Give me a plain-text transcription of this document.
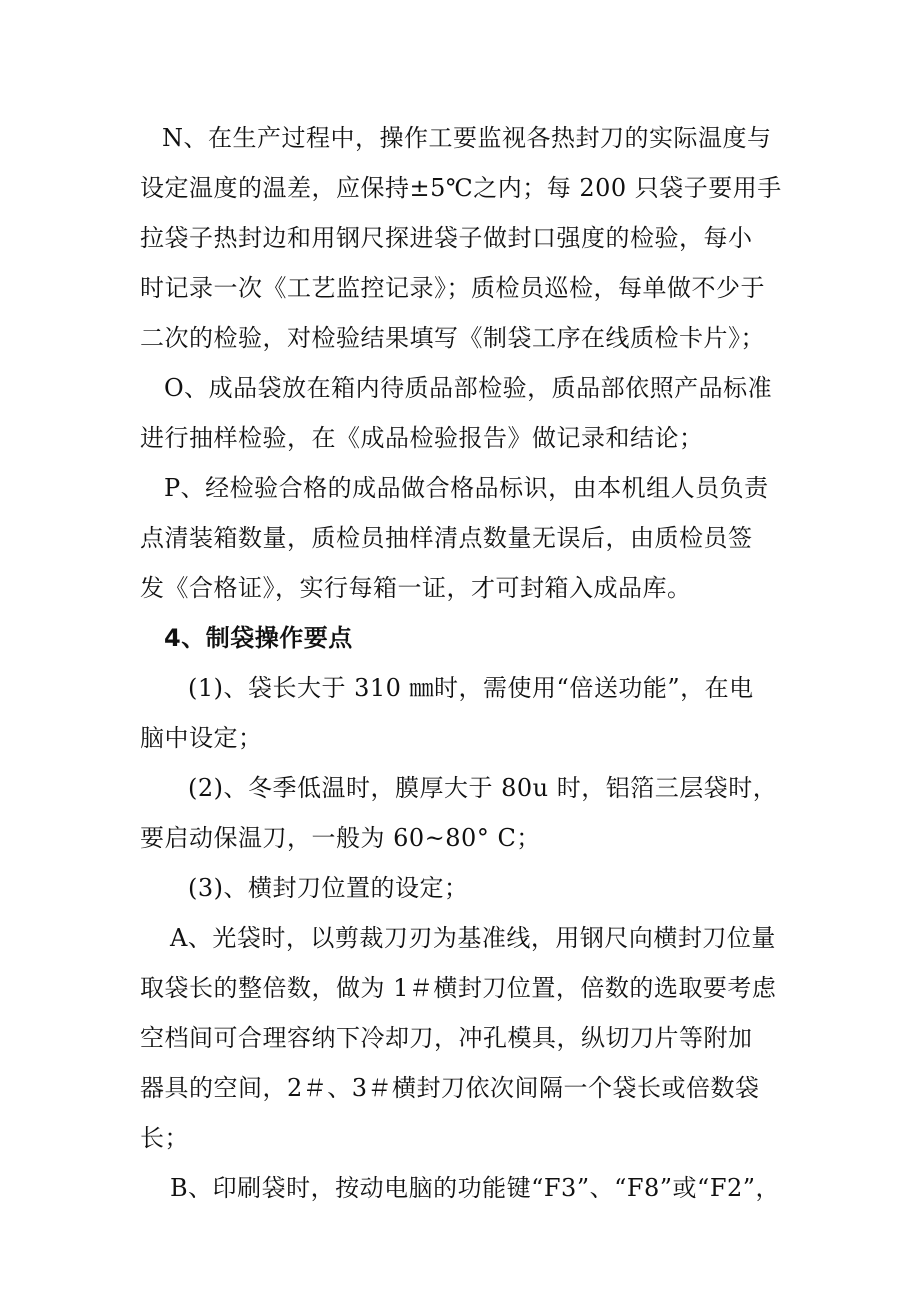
N、在生产过程中，操作工要监视各热封刀的实际温度与
设定温度的温差，应保持±5℃之内；每 200 只袋子要用手
拉袋子热封边和用钢尺探进袋子做封口强度的检验，每小
时记录一次《工艺监控记录》；质检员巡检，每单做不少于
二次的检验，对检验结果填写《制袋工序在线质检卡片》；
O、成品袋放在箱内待质品部检验，质品部依照产品标准
进行抽样检验，在《成品检验报告》做记录和结论；
P、经检验合格的成品做合格品标识，由本机组人员负责
点清装箱数量，质检员抽样清点数量无误后，由质检员签
发《合格证》，实行每箱一证，才可封箱入成品库。
4、制袋操作要点
(1)、袋长大于 310 ㎜时，需使用“倍送功能”，在电
脑中设定；
(2)、冬季低温时，膜厚大于 80u 时，铝箔三层袋时，
要启动保温刀，一般为 60~80° C；
(3)、横封刀位置的设定；
A、光袋时，以剪裁刀刃为基准线，用钢尺向横封刀位量
取袋长的整倍数，做为 1＃横封刀位置，倍数的选取要考虑
空档间可合理容纳下冷却刀，冲孔模具，纵切刀片等附加
器具的空间，2＃、3＃横封刀依次间隔一个袋长或倍数袋
长；
B、印刷袋时，按动电脑的功能键“F3”、“F8”或“F2”，
